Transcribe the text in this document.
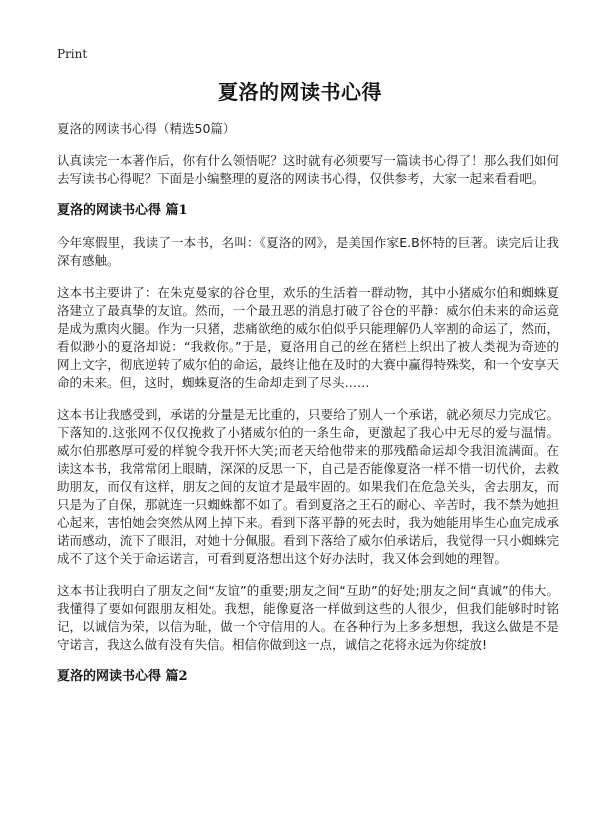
Print
夏洛的网读书心得

夏洛的网读书心得（精选50篇）

认真读完一本著作后，你有什么领悟呢？这时就有必须要写一篇读书心得了！那么我们如何去写读书心得呢？下面是小编整理的夏洛的网读书心得，仅供参考，大家一起来看看吧。

夏洛的网读书心得 篇1

今年寒假里，我读了一本书，名叫：《夏洛的网》，是美国作家E.B怀特的巨著。读完后让我深有感触。

这本书主要讲了：在朱克曼家的谷仓里，欢乐的生活着一群动物，其中小猪威尔伯和蜘蛛夏洛建立了最真挚的友谊。然而，一个最丑恶的消息打破了谷仓的平静：威尔伯未来的命运竟是成为熏肉火腿。作为一只猪，悲痛欲绝的威尔伯似乎只能理解仍人宰割的命运了，然而，看似渺小的夏洛却说：“我救你。”于是，夏洛用自己的丝在猪栏上织出了被人类视为奇迹的网上文字，彻底逆转了威尔伯的命运，最终让他在及时的大赛中赢得特殊奖，和一个安享天命的未来。但，这时，蜘蛛夏洛的生命却走到了尽头……

这本书让我感受到，承诺的分量是无比重的，只要给了别人一个承诺，就必须尽力完成它。下落知的.这张网不仅仅挽救了小猪威尔伯的一条生命，更激起了我心中无尽的爱与温情。威尔伯那憨厚可爱的样貌令我开怀大笑;而老天给他带来的那残酷命运却令我泪流满面。在读这本书，我常常闭上眼睛，深深的反思一下，自己是否能像夏洛一样不惜一切代价，去救助朋友，而仅有这样，朋友之间的友谊才是最牢固的。如果我们在危急关头，舍去朋友，而只是为了自保，那就连一只蜘蛛都不如了。看到夏洛之王石的耐心、辛苦时，我不禁为她担心起来，害怕她会突然从网上掉下来。看到下落平静的死去时，我为她能用毕生心血完成承诺而感动，流下了眼泪，对她十分佩服。看到下落给了威尔伯承诺后，我觉得一只小蜘蛛完成不了这个关于命运诺言，可看到夏洛想出这个好办法时，我又体会到她的理智。

这本书让我明白了朋友之间“友谊”的重要;朋友之间“互助”的好处;朋友之间“真诚”的伟大。我懂得了要如何跟朋友相处。我想，能像夏洛一样做到这些的人很少，但我们能够时时铭记，以诚信为荣，以信为耻，做一个守信用的人。在各种行为上多多想想，我这么做是不是守诺言，我这么做有没有失信。相信你做到这一点，诚信之花将永远为你绽放!

夏洛的网读书心得 篇2
